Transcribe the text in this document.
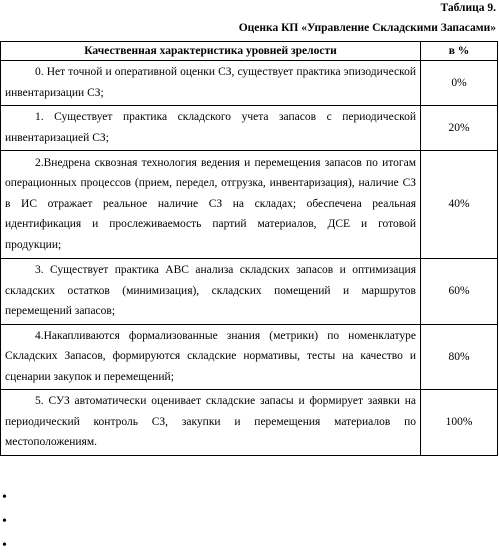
Таблица 9.
Оценка КП «Управление Складскими Запасами»
Качественная характеристика уровней зрелости	в %

0. Нет точной и оперативной оценки СЗ, существует практика эпизодической инвентаризации СЗ;	0%

1. Существует практика складского учета запасов с периодической инвентаризацией СЗ;	20%

2.Внедрена сквозная технология ведения и перемещения запасов по итогам операционных процессов (прием, передел, отгрузка, инвентаризация), наличие СЗ в ИС отражает реальное наличие СЗ на складах; обеспечена реальная идентификация и прослеживаемость партий материалов, ДСЕ и готовой продукции;	40%

3. Существует практика ABC анализа складских запасов и оптимизация складских остатков (минимизация), складских помещений и маршрутов перемещений запасов;	60%

4.Накапливаются формализованные знания (метрики) по номенклатуре Складских Запасов, формируются складские нормативы, тесты на качество и сценарии закупок и перемещений;	80%

5. СУЗ автоматически оценивает складские запасы и формирует заявки на периодический контроль СЗ, закупки и перемещения материалов по местоположениям.	100%
•
•
•
